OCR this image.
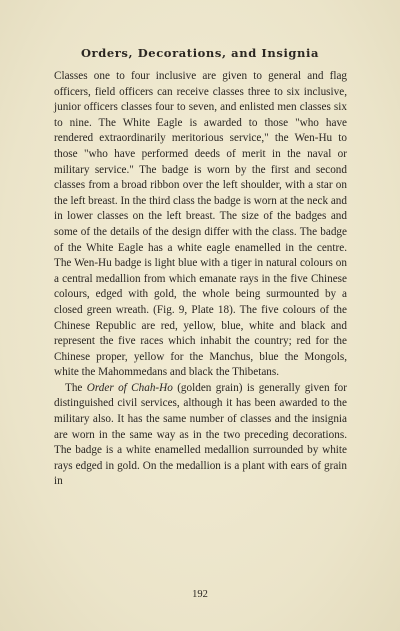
Orders, Decorations, and Insignia

Classes one to four inclusive are given to general and flag officers, field officers can receive classes three to six inclusive, junior officers classes four to seven, and enlisted men classes six to nine. The White Eagle is awarded to those "who have rendered extraordinarily meritorious service," the Wen-Hu to those "who have performed deeds of merit in the naval or military service." The badge is worn by the first and second classes from a broad ribbon over the left shoulder, with a star on the left breast. In the third class the badge is worn at the neck and in lower classes on the left breast. The size of the badges and some of the details of the design differ with the class. The badge of the White Eagle has a white eagle enamelled in the centre. The Wen-Hu badge is light blue with a tiger in natural colours on a central medallion from which emanate rays in the five Chinese colours, edged with gold, the whole being surmounted by a closed green wreath. (Fig. 9, Plate 18). The five colours of the Chinese Republic are red, yellow, blue, white and black and represent the five races which inhabit the country; red for the Chinese proper, yellow for the Manchus, blue the Mongols, white the Mahommedans and black the Thibetans.

The Order of Chah-Ho (golden grain) is generally given for distinguished civil services, although it has been awarded to the military also. It has the same number of classes and the insignia are worn in the same way as in the two preceding decorations. The badge is a white enamelled medallion surrounded by white rays edged in gold. On the medallion is a plant with ears of grain in

192
